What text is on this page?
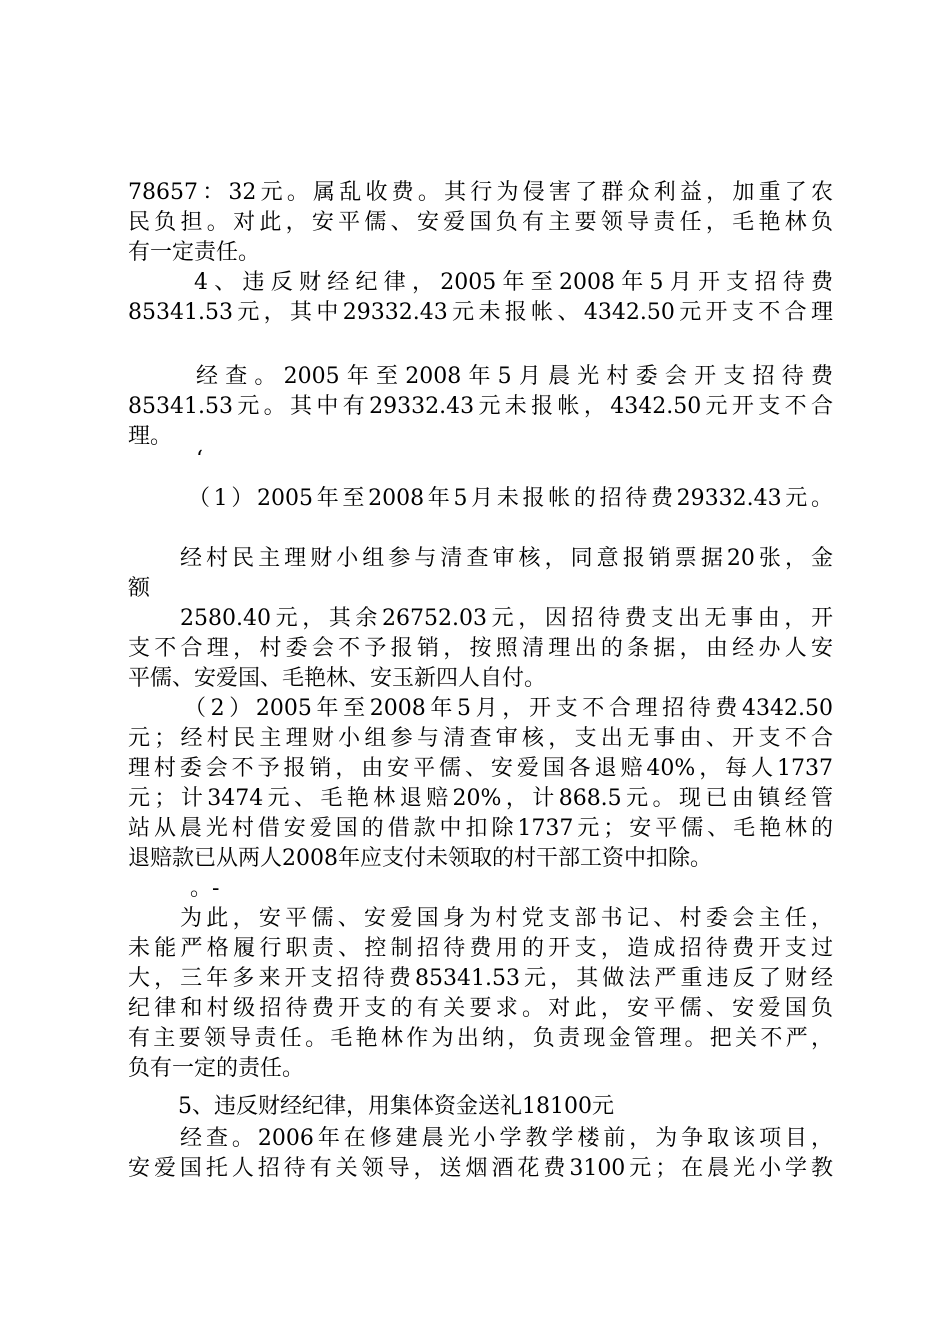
78657：32元。属乱收费。其行为侵害了群众利益，加重了农
民负担。对此，安平儒、安爱国负有主要领导责任，毛艳林负
有一定责任。
4、违反财经纪律，2005年至2008年5月开支招待费
85341.53元，其中29332.43元未报帐、4342.50元开支不合理
经查。2005年至2008年5月晨光村委会开支招待费
85341.53元。其中有29332.43元未报帐，4342.50元开支不合
理。
‘
（1）2005年至2008年5月未报帐的招待费29332.43元。
经村民主理财小组参与清查审核，同意报销票据20张，金
额
2580.40元，其余26752.03元，因招待费支出无事由，开
支不合理，村委会不予报销，按照清理出的条据，由经办人安
平儒、安爱国、毛艳林、安玉新四人自付。
（2）2005年至2008年5月，开支不合理招待费4342.50
元；经村民主理财小组参与清查审核，支出无事由、开支不合
理村委会不予报销，由安平儒、安爱国各退赔40%，每人1737
元；计3474元、毛艳林退赔20%，计868.5元。现已由镇经管
站从晨光村借安爱国的借款中扣除1737元；安平儒、毛艳林的
退赔款已从两人2008年应支付未领取的村干部工资中扣除。
。-
为此，安平儒、安爱国身为村党支部书记、村委会主任，
未能严格履行职责、控制招待费用的开支，造成招待费开支过
大，三年多来开支招待费85341.53元，其做法严重违反了财经
纪律和村级招待费开支的有关要求。对此，安平儒、安爱国负
有主要领导责任。毛艳林作为出纳，负责现金管理。把关不严，
负有一定的责任。
5、违反财经纪律，用集体资金送礼18100元
经查。2006年在修建晨光小学教学楼前，为争取该项目，
安爱国托人招待有关领导，送烟酒花费3100元；在晨光小学教
